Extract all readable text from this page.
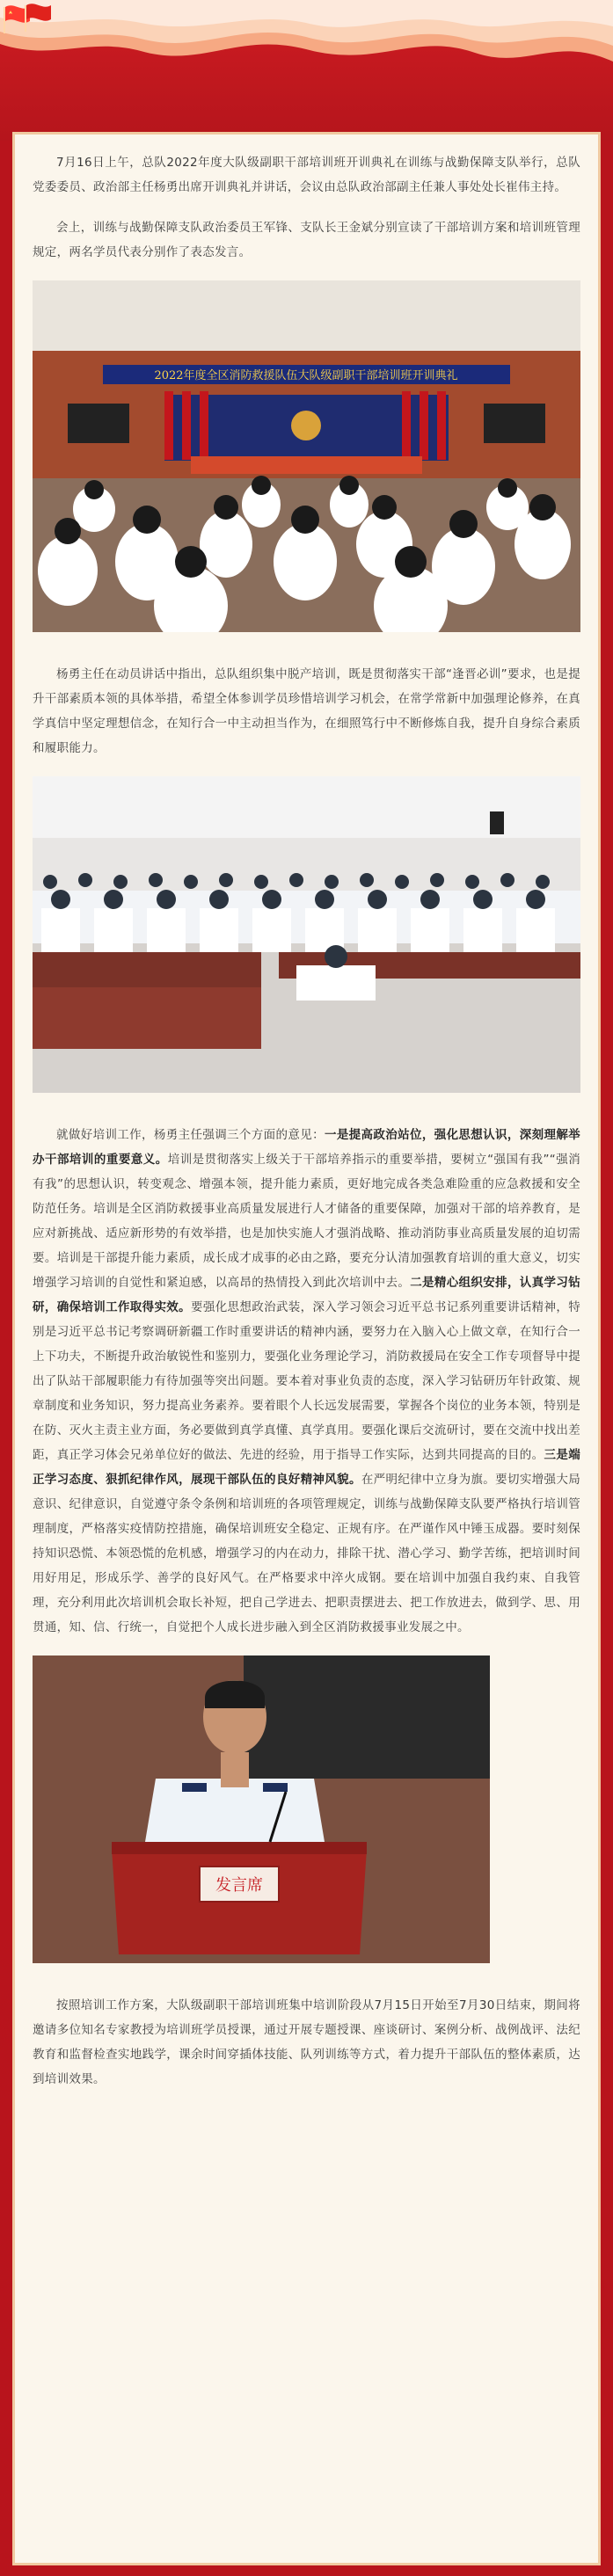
7月16日上午，总队2022年度大队级副职干部培训班开训典礼在训练与战勤保障支队举行，总队党委委员、政治部主任杨勇出席开训典礼并讲话，会议由总队政治部副主任兼人事处处长崔伟主持。

会上，训练与战勤保障支队政治委员王军锋、支队长王金斌分别宣读了干部培训方案和培训班管理规定，两名学员代表分别作了表态发言。

2022年度全区消防救援队伍大队级副职干部培训班开训典礼

杨勇主任在动员讲话中指出，总队组织集中脱产培训，既是贯彻落实干部“逢晋必训”要求，也是提升干部素质本领的具体举措，希望全体参训学员珍惜培训学习机会，在常学常新中加强理论修养，在真学真信中坚定理想信念，在知行合一中主动担当作为，在细照笃行中不断修炼自我，提升自身综合素质和履职能力。

就做好培训工作，杨勇主任强调三个方面的意见：一是提高政治站位，强化思想认识，深刻理解举办干部培训的重要意义。培训是贯彻落实上级关于干部培养指示的重要举措，要树立“强国有我”“强消有我”的思想认识，转变观念、增强本领，提升能力素质，更好地完成各类急难险重的应急救援和安全防范任务。培训是全区消防救援事业高质量发展进行人才储备的重要保障，加强对干部的培养教育，是应对新挑战、适应新形势的有效举措，也是加快实施人才强消战略、推动消防事业高质量发展的迫切需要。培训是干部提升能力素质，成长成才成事的必由之路，要充分认清加强教育培训的重大意义，切实增强学习培训的自觉性和紧迫感，以高昂的热情投入到此次培训中去。二是精心组织安排，认真学习钻研，确保培训工作取得实效。要强化思想政治武装，深入学习领会习近平总书记系列重要讲话精神，特别是习近平总书记考察调研新疆工作时重要讲话的精神内涵，要努力在入脑入心上做文章，在知行合一上下功夫，不断提升政治敏锐性和鉴别力，要强化业务理论学习，消防救援局在安全工作专项督导中提出了队站干部履职能力有待加强等突出问题。要本着对事业负责的态度，深入学习钻研历年针政策、规章制度和业务知识，努力提高业务素养。要着眼个人长远发展需要，掌握各个岗位的业务本领，特别是在防、灭火主责主业方面，务必要做到真学真懂、真学真用。要强化课后交流研讨，要在交流中找出差距，真正学习体会兄弟单位好的做法、先进的经验，用于指导工作实际，达到共同提高的目的。三是端正学习态度、狠抓纪律作风，展现干部队伍的良好精神风貌。在严明纪律中立身为旗。要切实增强大局意识、纪律意识，自觉遵守条令条例和培训班的各项管理规定，训练与战勤保障支队要严格执行培训管理制度，严格落实疫情防控措施，确保培训班安全稳定、正规有序。在严谨作风中锤玉成器。要时刻保持知识恐慌、本领恐慌的危机感，增强学习的内在动力，排除干扰、潜心学习、勤学苦练，把培训时间用好用足，形成乐学、善学的良好风气。在严格要求中淬火成钢。要在培训中加强自我约束、自我管理，充分利用此次培训机会取长补短，把自己学进去、把职责摆进去、把工作放进去，做到学、思、用贯通，知、信、行统一，自觉把个人成长进步融入到全区消防救援事业发展之中。

发言席

按照培训工作方案，大队级副职干部培训班集中培训阶段从7月15日开始至7月30日结束，期间将邀请多位知名专家教授为培训班学员授课，通过开展专题授课、座谈研讨、案例分析、战例战评、法纪教育和监督检查实地践学，课余时间穿插体技能、队列训练等方式，着力提升干部队伍的整体素质，达到培训效果。
